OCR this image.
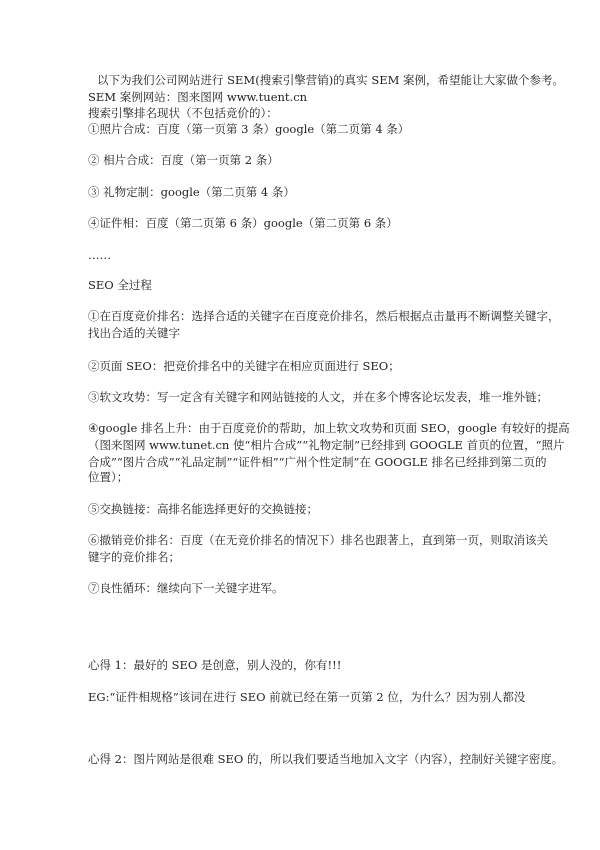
以下为我们公司网站进行 SEM(搜索引擎营销)的真实 SEM 案例，希望能让大家做个参考。
SEM 案例网站：图来图网 www.tuent.cn
搜索引擎排名现状（不包括竞价的）：
①照片合成：百度（第一页第 3 条）google（第二页第 4 条）
② 相片合成：百度（第一页第 2 条）
③ 礼物定制：google（第二页第 4 条）
④证件相：百度（第二页第 6 条）google（第二页第 6 条）
……
SEO 全过程
①在百度竞价排名：选择合适的关键字在百度竞价排名，然后根据点击量再不断调整关键字，
找出合适的关键字
②页面 SEO：把竞价排名中的关键字在相应页面进行 SEO；
③软文攻势：写一定含有关键字和网站链接的人文，并在多个博客论坛发表，堆一堆外链；
④google 排名上升：由于百度竞价的帮助，加上软文攻势和页面 SEO，google 有较好的提高
（图来图网 www.tunet.cn 使“相片合成”“礼物定制”已经排到 GOOGLE 首页的位置，“照片
合成”“图片合成”“礼品定制”“证件相”“广州个性定制”在 GOOGLE 排名已经排到第二页的
位置）；
⑤交换链接：高排名能选择更好的交换链接；
⑥撤销竞价排名：百度（在无竞价排名的情况下）排名也跟著上，直到第一页，则取消该关
键字的竞价排名；
⑦良性循环：继续向下一关键字进军。
心得 1：最好的 SEO 是创意，别人没的，你有!!!
EG:“证件相规格”该词在进行 SEO 前就已经在第一页第 2 位，为什么？因为别人都没
心得 2：图片网站是很难 SEO 的，所以我们要适当地加入文字（内容），控制好关键字密度。
